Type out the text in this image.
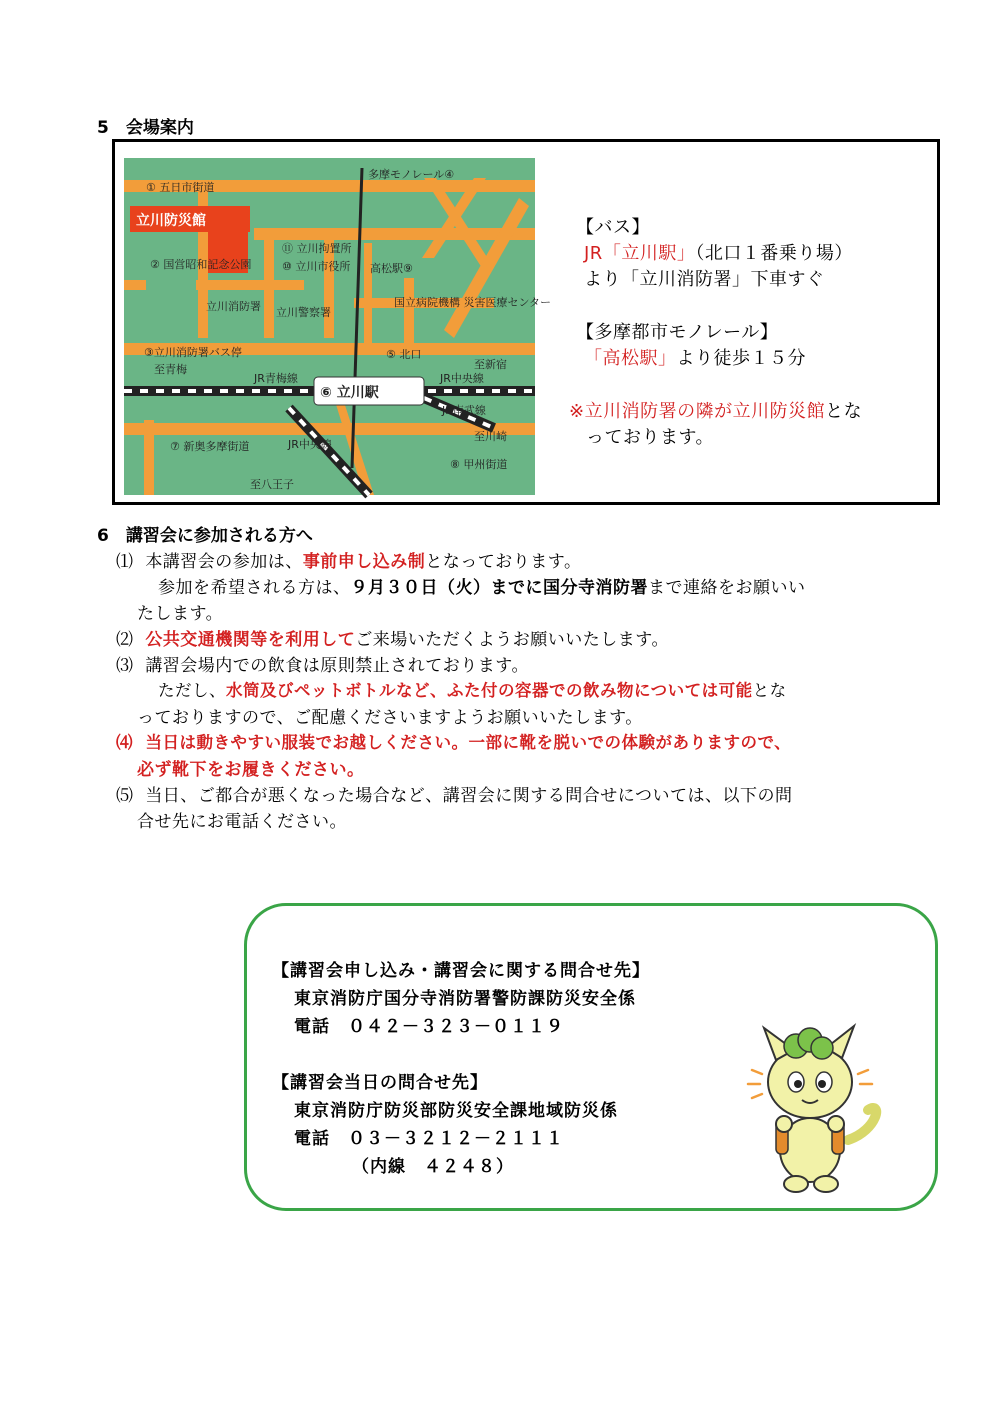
5　会場案内
① 五日市街道
立川防災館
② 国営昭和記念公園
⑪ 立川拘置所
⑩ 立川市役所
多摩モノレール④
高松駅⑨
立川消防署 立川警察署
国立病院機構 災害医療センター
③立川消防署バス停
至青梅
⑤ 北口
至新宿
JR青梅線
⑥ 立川駅
JR中央線
JR南武線
至川崎
⑦ 新奥多摩街道	JR中央線
⑧ 甲州街道
至八王子
【バス】
JR「立川駅」（北口１番乗り場）
より「立川消防署」下車すぐ
【多摩都市モノレール】
「高松駅」より徒歩１５分
※立川消防署の隣が立川防災館とな
っております。
6　講習会に参加される方へ
⑴ 本講習会の参加は、事前申し込み制となっております。
参加を希望される方は、９月３０日（火）までに国分寺消防署まで連絡をお願いい
たします。
⑵ 公共交通機関等を利用してご来場いただくようお願いいたします。
⑶ 講習会場内での飲食は原則禁止されております。
ただし、水筒及びペットボトルなど、ふた付の容器での飲み物については可能とな
っておりますので、ご配慮くださいますようお願いいたします。
⑷ 当日は動きやすい服装でお越しください。一部に靴を脱いでの体験がありますので、
必ず靴下をお履きください。
⑸ 当日、ご都合が悪くなった場合など、講習会に関する問合せについては、以下の問
合せ先にお電話ください。
【講習会申し込み・講習会に関する問合せ先】
東京消防庁国分寺消防署警防課防災安全係
電話　０４２－３２３－０１１９
【講習会当日の問合せ先】
東京消防庁防災部防災安全課地域防災係
電話　０３－３２１２－２１１１
（内線　４２４８）
